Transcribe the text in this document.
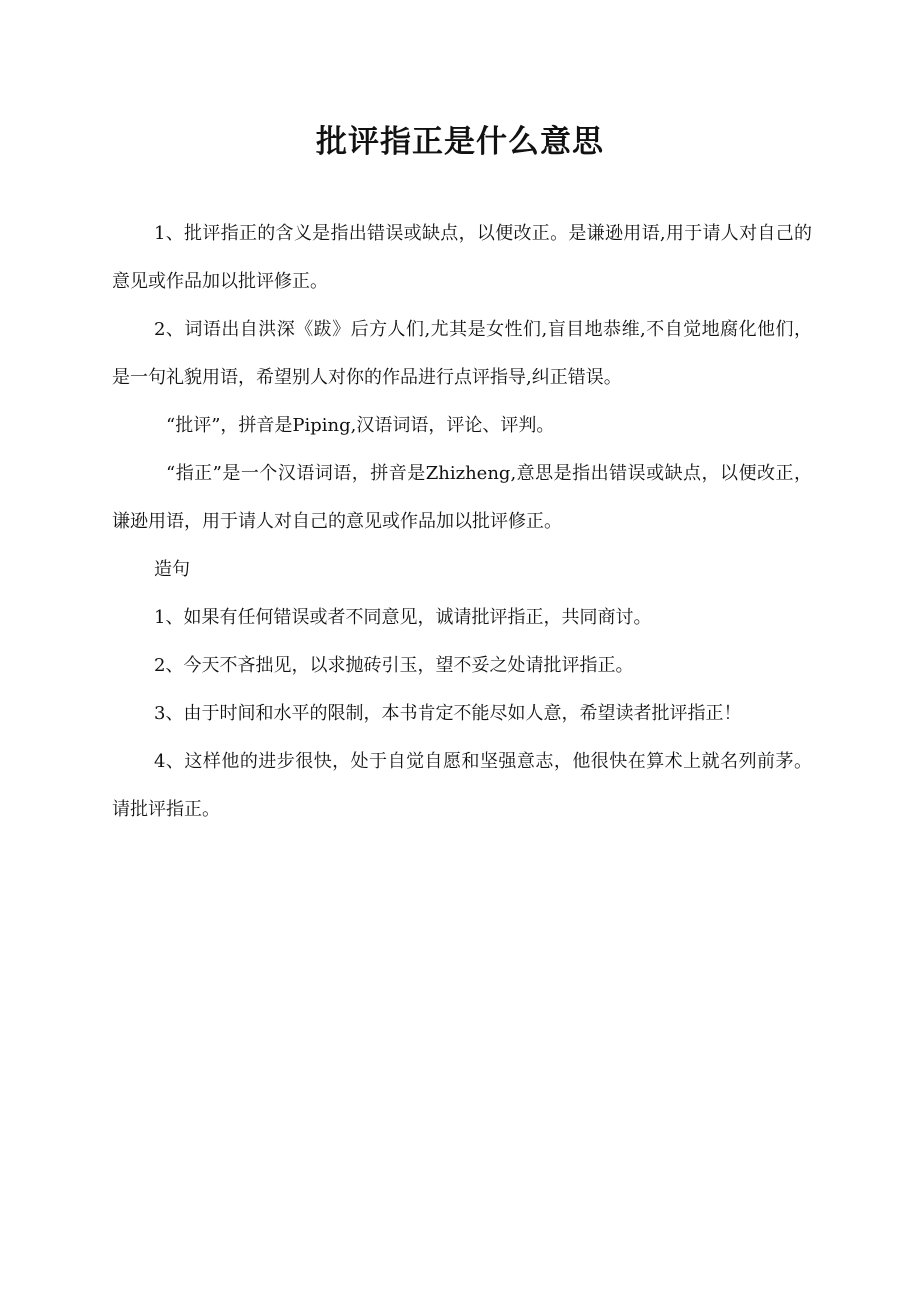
批评指正是什么意思

1、批评指正的含义是指出错误或缺点，以便改正。是谦逊用语,用于请人对自己的意见或作品加以批评修正。

2、词语出自洪深《跋》后方人们,尤其是女性们,盲目地恭维,不自觉地腐化他们，是一句礼貌用语，希望别人对你的作品进行点评指导,纠正错误。

“批评”，拼音是Piping,汉语词语，评论、评判。

“指正”是一个汉语词语，拼音是Zhizheng,意思是指出错误或缺点，以便改正，谦逊用语，用于请人对自己的意见或作品加以批评修正。

造句

1、如果有任何错误或者不同意见，诚请批评指正，共同商讨。

2、今天不吝拙见，以求抛砖引玉，望不妥之处请批评指正。

3、由于时间和水平的限制，本书肯定不能尽如人意，希望读者批评指正！

4、这样他的进步很快，处于自觉自愿和坚强意志，他很快在算术上就名列前茅。请批评指正。
